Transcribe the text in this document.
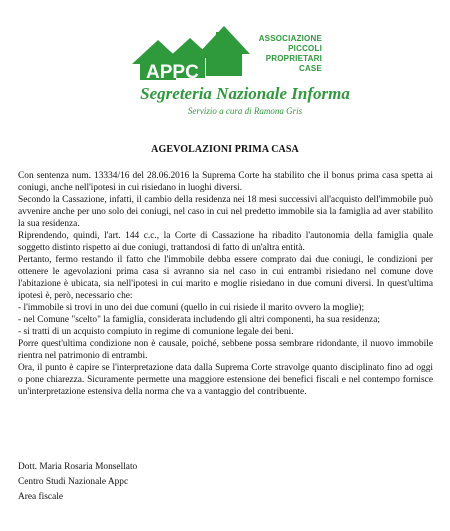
APPC
ASSOCIAZIONE
PICCOLI
PROPRIETARI
CASE
Segreteria Nazionale Informa
Servizio a cura di Ramona Gris
AGEVOLAZIONI PRIMA CASA

Con sentenza num. 13334/16 del 28.06.2016 la Suprema Corte ha stabilito che il bonus prima casa spetta ai coniugi, anche nell'ipotesi in cui risiedano in luoghi diversi.

Secondo la Cassazione, infatti, il cambio della residenza nei 18 mesi successivi all'acquisto dell'immobile può avvenire anche per uno solo dei coniugi, nel caso in cui nel predetto immobile sia la famiglia ad aver stabilito la sua residenza.

Riprendendo, quindi, l'art. 144 c.c., la Corte di Cassazione ha ribadito l'autonomia della famiglia quale soggetto distinto rispetto ai due coniugi, trattandosi di fatto di un'altra entità.

Pertanto, fermo restando il fatto che l'immobile debba essere comprato dai due coniugi, le condizioni per ottenere le agevolazioni prima casa si avranno sia nel caso in cui entrambi risiedano nel comune dove l'abitazione è ubicata, sia nell'ipotesi in cui marito e moglie risiedano in due comuni diversi. In quest'ultima ipotesi è, però, necessario che:

- l'immobile si trovi in uno dei due comuni (quello in cui risiede il marito ovvero la moglie);

- nel Comune "scelto" la famiglia, considerata includendo gli altri componenti, ha sua residenza;

- si tratti di un acquisto compiuto in regime di comunione legale dei beni.

Porre quest'ultima condizione non è causale, poiché, sebbene possa sembrare ridondante, il nuovo immobile rientra nel patrimonio di entrambi.

Ora, il punto è capire se l'interpretazione data dalla Suprema Corte stravolge quanto disciplinato fino ad oggi o pone chiarezza. Sicuramente permette una maggiore estensione dei benefici fiscali e nel contempo fornisce un'interpretazione estensiva della norma che va a vantaggio del contribuente.

Dott. Maria Rosaria Monsellato
Centro Studi Nazionale Appc
Area fiscale
